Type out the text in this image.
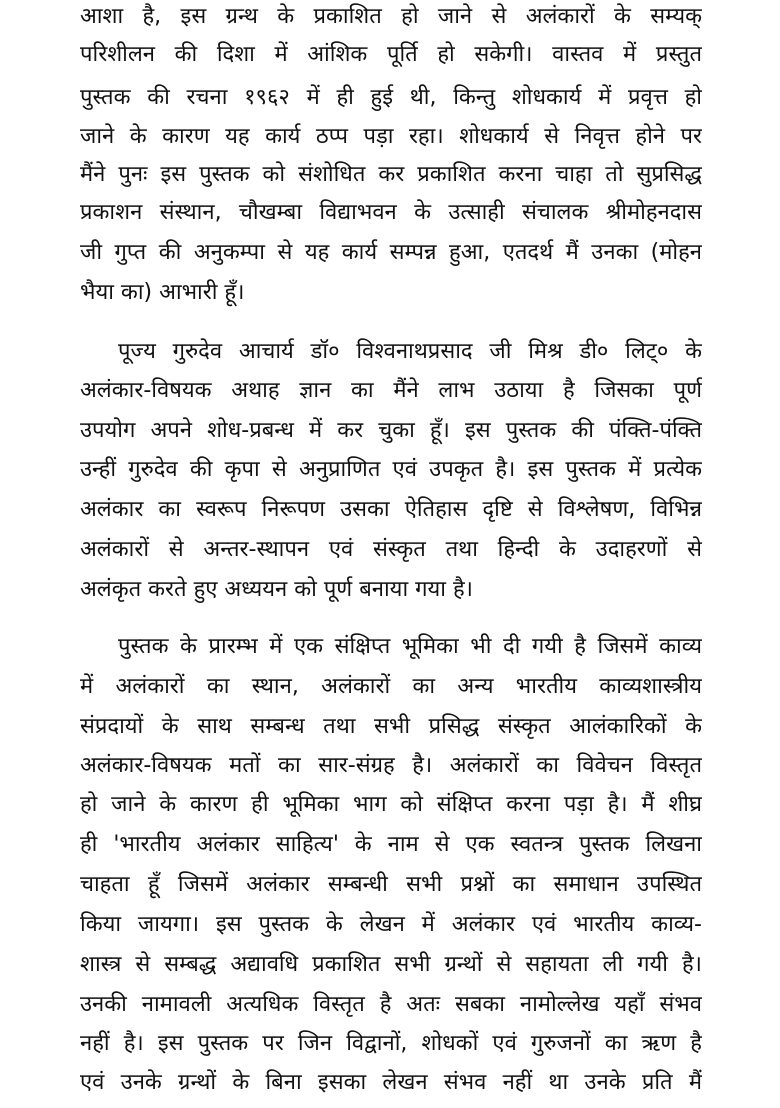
आशा है, इस ग्रन्थ के प्रकाशित हो जाने से अलंकारों के सम्यक्
परिशीलन की दिशा में आंशिक पूर्ति हो सकेगी। वास्तव में प्रस्तुत
पुस्तक की रचना १९६२ में ही हुई थी, किन्तु शोधकार्य में प्रवृत्त हो
जाने के कारण यह कार्य ठप्प पड़ा रहा। शोधकार्य से निवृत्त होने पर
मैंने पुनः इस पुस्तक को संशोधित कर प्रकाशित करना चाहा तो सुप्रसिद्ध
प्रकाशन संस्थान, चौखम्बा विद्याभवन के उत्साही संचालक श्रीमोहनदास
जी गुप्त की अनुकम्पा से यह कार्य सम्पन्न हुआ, एतदर्थ मैं उनका (मोहन
भैया का) आभारी हूँ।
पूज्य गुरुदेव आचार्य डॉ० विश्वनाथप्रसाद जी मिश्र डी० लिट्० के
अलंकार-विषयक अथाह ज्ञान का मैंने लाभ उठाया है जिसका पूर्ण
उपयोग अपने शोध-प्रबन्ध में कर चुका हूँ। इस पुस्तक की पंक्ति-पंक्ति
उन्हीं गुरुदेव की कृपा से अनुप्राणित एवं उपकृत है। इस पुस्तक में प्रत्येक
अलंकार का स्वरूप निरूपण उसका ऐतिहास दृष्टि से विश्लेषण, विभिन्न
अलंकारों से अन्तर-स्थापन एवं संस्कृत तथा हिन्दी के उदाहरणों से
अलंकृत करते हुए अध्ययन को पूर्ण बनाया गया है।
पुस्तक के प्रारम्भ में एक संक्षिप्त भूमिका भी दी गयी है जिसमें काव्य
में अलंकारों का स्थान, अलंकारों का अन्य भारतीय काव्यशास्त्रीय
संप्रदायों के साथ सम्बन्ध तथा सभी प्रसिद्ध संस्कृत आलंकारिकों के
अलंकार-विषयक मतों का सार-संग्रह है। अलंकारों का विवेचन विस्तृत
हो जाने के कारण ही भूमिका भाग को संक्षिप्त करना पड़ा है। मैं शीघ्र
ही 'भारतीय अलंकार साहित्य' के नाम से एक स्वतन्त्र पुस्तक लिखना
चाहता हूँ जिसमें अलंकार सम्बन्धी सभी प्रश्नों का समाधान उपस्थित
किया जायगा। इस पुस्तक के लेखन में अलंकार एवं भारतीय काव्य-
शास्त्र से सम्बद्ध अद्यावधि प्रकाशित सभी ग्रन्थों से सहायता ली गयी है।
उनकी नामावली अत्यधिक विस्तृत है अतः सबका नामोल्लेख यहाँ संभव
नहीं है। इस पुस्तक पर जिन विद्वानों, शोधकों एवं गुरुजनों का ऋण है
एवं उनके ग्रन्थों के बिना इसका लेखन संभव नहीं था उनके प्रति मैं
